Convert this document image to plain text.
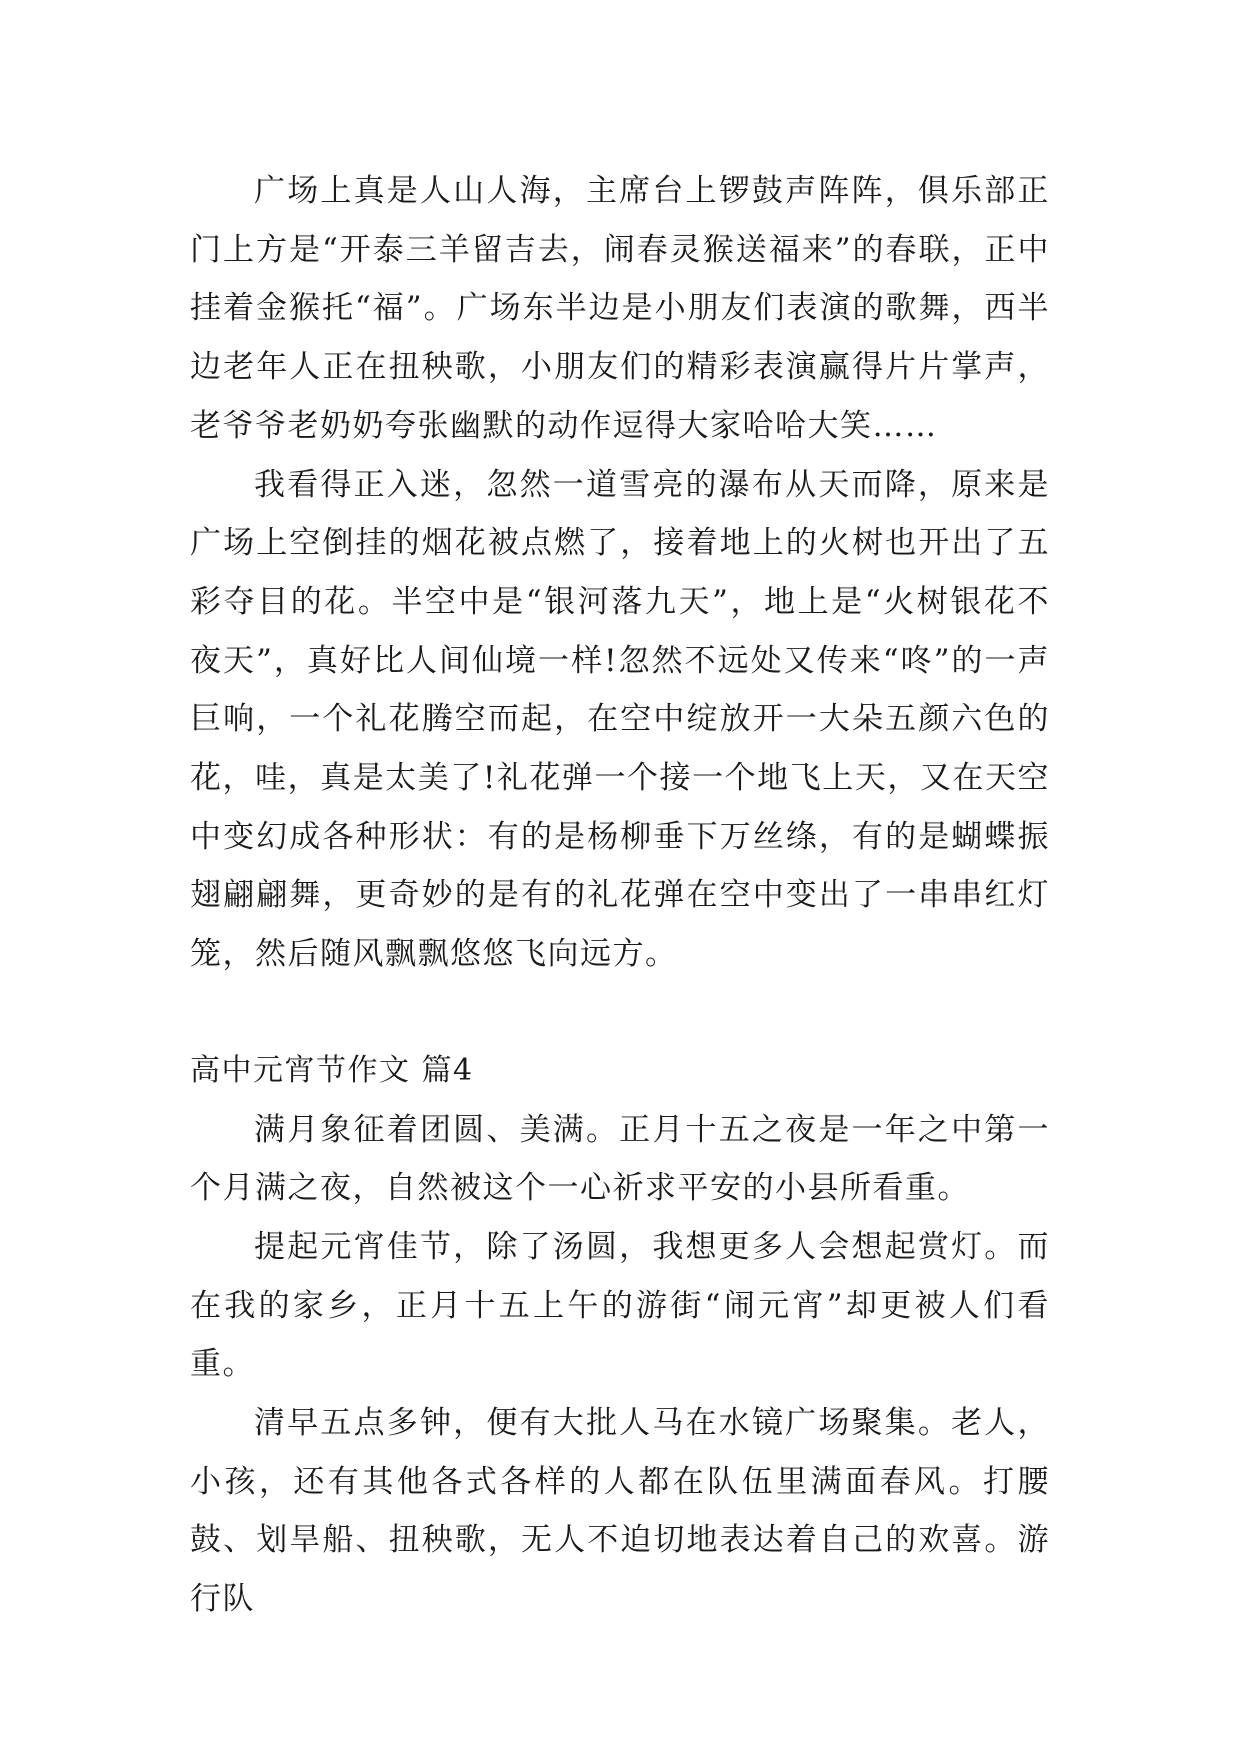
广场上真是人山人海，主席台上锣鼓声阵阵，俱乐部正门上方是“开泰三羊留吉去，闹春灵猴送福来”的春联，正中挂着金猴托“福”。广场东半边是小朋友们表演的歌舞，西半边老年人正在扭秧歌，小朋友们的精彩表演赢得片片掌声，老爷爷老奶奶夸张幽默的动作逗得大家哈哈大笑……

我看得正入迷，忽然一道雪亮的瀑布从天而降，原来是广场上空倒挂的烟花被点燃了，接着地上的火树也开出了五彩夺目的花。半空中是“银河落九天”，地上是“火树银花不夜天”，真好比人间仙境一样!忽然不远处又传来“咚”的一声巨响，一个礼花腾空而起，在空中绽放开一大朵五颜六色的花，哇，真是太美了!礼花弹一个接一个地飞上天，又在天空中变幻成各种形状：有的是杨柳垂下万丝绦，有的是蝴蝶振翅翩翩舞，更奇妙的是有的礼花弹在空中变出了一串串红灯笼，然后随风飘飘悠悠飞向远方。

高中元宵节作文 篇4

满月象征着团圆、美满。正月十五之夜是一年之中第一个月满之夜，自然被这个一心祈求平安的小县所看重。

提起元宵佳节，除了汤圆，我想更多人会想起赏灯。而在我的家乡，正月十五上午的游街“闹元宵”却更被人们看重。

清早五点多钟，便有大批人马在水镜广场聚集。老人，小孩，还有其他各式各样的人都在队伍里满面春风。打腰鼓、划旱船、扭秧歌，无人不迫切地表达着自己的欢喜。游行队
